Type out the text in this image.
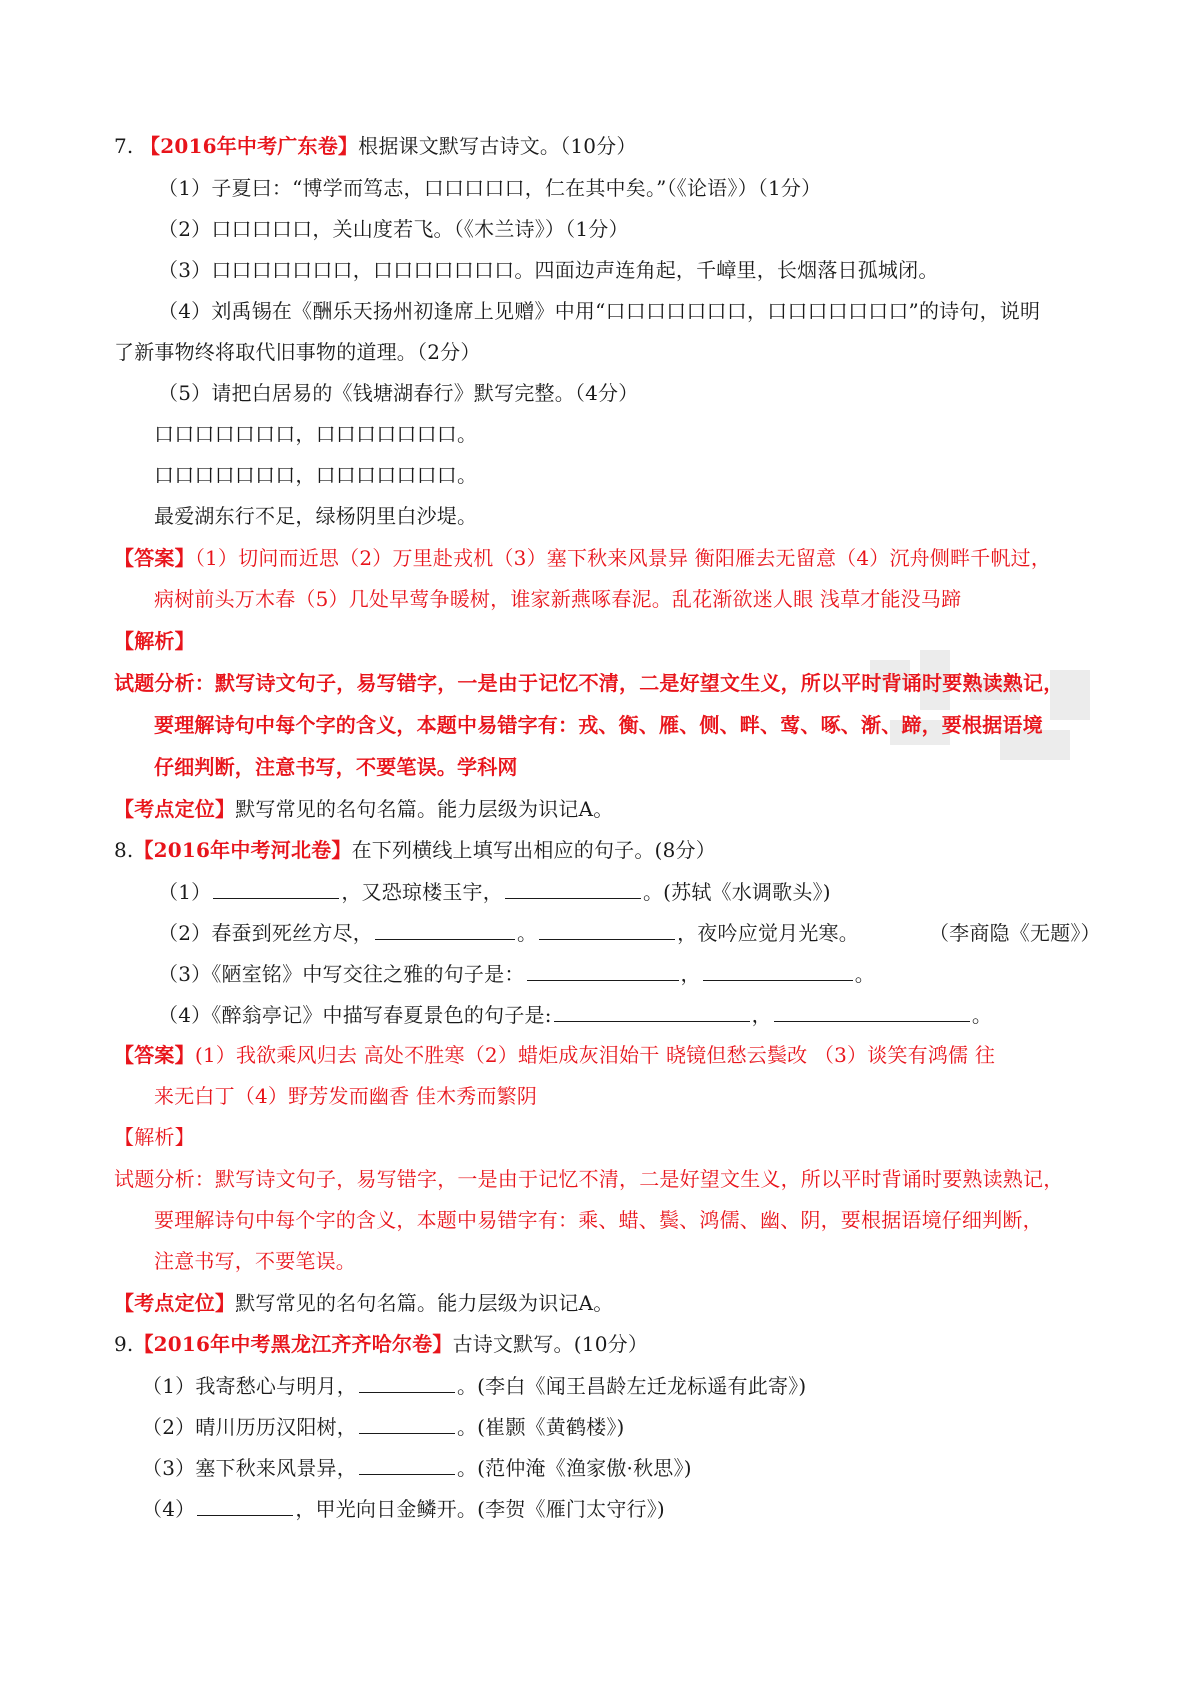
7. 【2016年中考广东卷】根据课文默写古诗文。（10分）
（1）子夏曰：“博学而笃志，口口口口口，仁在其中矣。”（《论语》）（1分）
（2）口口口口口，关山度若飞。（《木兰诗》）（1分）
（3）口口口口口口口，口口口口口口口。四面边声连角起，千嶂里，长烟落日孤城闭。
（4）刘禹锡在《酬乐天扬州初逢席上见赠》中用“口口口口口口口，口口口口口口口”的诗句，说明
了新事物终将取代旧事物的道理。（2分）
（5）请把白居易的《钱塘湖春行》默写完整。（4分）
口口口口口口口，口口口口口口口。
口口口口口口口，口口口口口口口。
最爱湖东行不足，绿杨阴里白沙堤。
【答案】（1）切问而近思（2）万里赴戎机（3）塞下秋来风景异 衡阳雁去无留意（4）沉舟侧畔千帆过，
病树前头万木春（5）几处早莺争暖树，谁家新燕啄春泥。乱花渐欲迷人眼 浅草才能没马蹄
【解析】
试题分析：默写诗文句子，易写错字，一是由于记忆不清，二是好望文生义，所以平时背诵时要熟读熟记，
要理解诗句中每个字的含义，本题中易错字有：戎、衡、雁、侧、畔、莺、啄、渐、蹄，要根据语境
仔细判断，注意书写，不要笔误。学科网
【考点定位】默写常见的名句名篇。能力层级为识记A。
8.【2016年中考河北卷】在下列横线上填写出相应的句子。(8分）
（1）	，又恐琼楼玉宇，	。(苏轼《水调歌头》)
（2）春蚕到死丝方尽，	。	，夜吟应觉月光寒。	（李商隐《无题》）
（3）《陋室铭》中写交往之雅的句子是：	，	。
（4）《醉翁亭记》中描写春夏景色的句子是:	，	。
【答案】(1）我欲乘风归去 高处不胜寒（2）蜡炬成灰泪始干 晓镜但愁云鬓改 （3）谈笑有鸿儒 往
来无白丁（4）野芳发而幽香 佳木秀而繁阴
【解析】
试题分析：默写诗文句子，易写错字，一是由于记忆不清，二是好望文生义，所以平时背诵时要熟读熟记，
要理解诗句中每个字的含义，本题中易错字有：乘、蜡、鬓、鸿儒、幽、阴，要根据语境仔细判断，
注意书写，不要笔误。
【考点定位】默写常见的名句名篇。能力层级为识记A。
9.【2016年中考黑龙江齐齐哈尔卷】古诗文默写。(10分）
（1）我寄愁心与明月，	。(李白《闻王昌龄左迁龙标遥有此寄》)
（2）晴川历历汉阳树，	。(崔颢《黄鹤楼》)
（3）塞下秋来风景异，	。(范仲淹《渔家傲·秋思》)
（4）	，甲光向日金鳞开。(李贺《雁门太守行》)
